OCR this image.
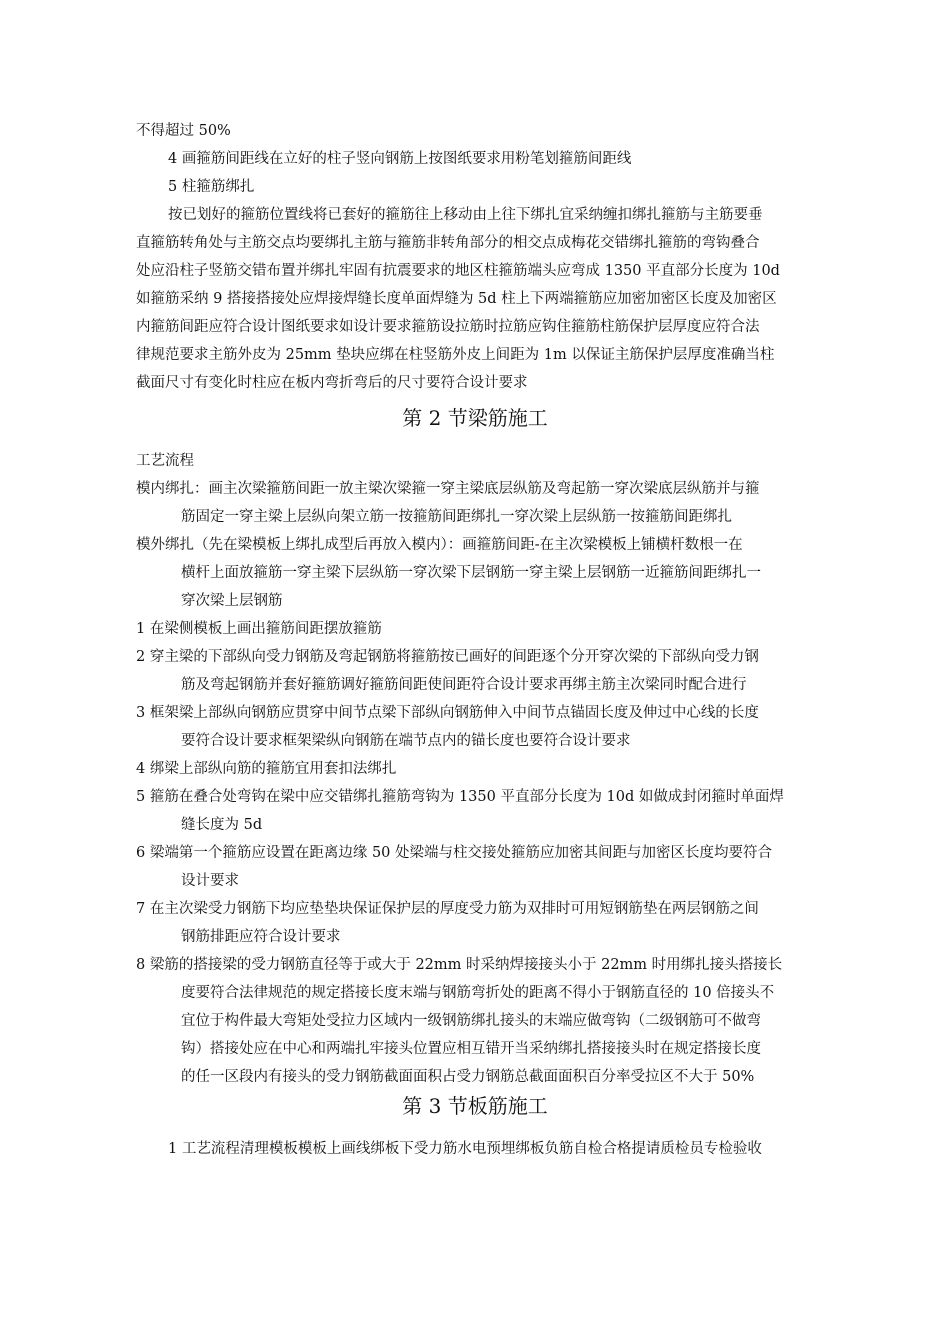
不得超过 50%
4 画箍筋间距线在立好的柱子竖向钢筋上按图纸要求用粉笔划箍筋间距线
5 柱箍筋绑扎
按已划好的箍筋位置线将已套好的箍筋往上移动由上往下绑扎宜采纳缠扣绑扎箍筋与主筋要垂
直箍筋转角处与主筋交点均要绑扎主筋与箍筋非转角部分的相交点成梅花交错绑扎箍筋的弯钩叠合
处应沿柱子竖筋交错布置并绑扎牢固有抗震要求的地区柱箍筋端头应弯成 1350 平直部分长度为 10d
如箍筋采纳 9 搭接搭接处应焊接焊缝长度单面焊缝为 5d 柱上下两端箍筋应加密加密区长度及加密区
内箍筋间距应符合设计图纸要求如设计要求箍筋设拉筋时拉筋应钩住箍筋柱筋保护层厚度应符合法
律规范要求主筋外皮为 25mm 垫块应绑在柱竖筋外皮上间距为 1m 以保证主筋保护层厚度准确当柱
截面尺寸有变化时柱应在板内弯折弯后的尺寸要符合设计要求
第 2 节梁筋施工
工艺流程
模内绑扎：画主次梁箍筋间距一放主梁次梁箍一穿主梁底层纵筋及弯起筋一穿次梁底层纵筋并与箍
筋固定一穿主梁上层纵向架立筋一按箍筋间距绑扎一穿次梁上层纵筋一按箍筋间距绑扎
模外绑扎（先在梁模板上绑扎成型后再放入模内）：画箍筋间距-在主次梁模板上铺横杆数根一在
横杆上面放箍筋一穿主梁下层纵筋一穿次梁下层钢筋一穿主梁上层钢筋一近箍筋间距绑扎一
穿次梁上层钢筋
1 在梁侧模板上画出箍筋间距摆放箍筋
2 穿主梁的下部纵向受力钢筋及弯起钢筋将箍筋按已画好的间距逐个分开穿次梁的下部纵向受力钢
筋及弯起钢筋并套好箍筋调好箍筋间距使间距符合设计要求再绑主筋主次梁同时配合进行
3 框架梁上部纵向钢筋应贯穿中间节点梁下部纵向钢筋伸入中间节点锚固长度及伸过中心线的长度
要符合设计要求框架梁纵向钢筋在端节点内的锚长度也要符合设计要求
4 绑梁上部纵向筋的箍筋宜用套扣法绑扎
5 箍筋在叠合处弯钩在梁中应交错绑扎箍筋弯钩为 1350 平直部分长度为 10d 如做成封闭箍时单面焊
缝长度为 5d
6 梁端第一个箍筋应设置在距离边缘 50 处梁端与柱交接处箍筋应加密其间距与加密区长度均要符合
设计要求
7 在主次梁受力钢筋下均应垫垫块保证保护层的厚度受力筋为双排时可用短钢筋垫在两层钢筋之间
钢筋排距应符合设计要求
8 梁筋的搭接梁的受力钢筋直径等于或大于 22mm 时采纳焊接接头小于 22mm 时用绑扎接头搭接长
度要符合法律规范的规定搭接长度末端与钢筋弯折处的距离不得小于钢筋直径的 10 倍接头不
宜位于构件最大弯矩处受拉力区域内一级钢筋绑扎接头的末端应做弯钩（二级钢筋可不做弯
钩）搭接处应在中心和两端扎牢接头位置应相互错开当采纳绑扎搭接接头时在规定搭接长度
的任一区段内有接头的受力钢筋截面面积占受力钢筋总截面面积百分率受拉区不大于 50%
第 3 节板筋施工
1 工艺流程清理模板模板上画线绑板下受力筋水电预埋绑板负筋自检合格提请质检员专检验收
